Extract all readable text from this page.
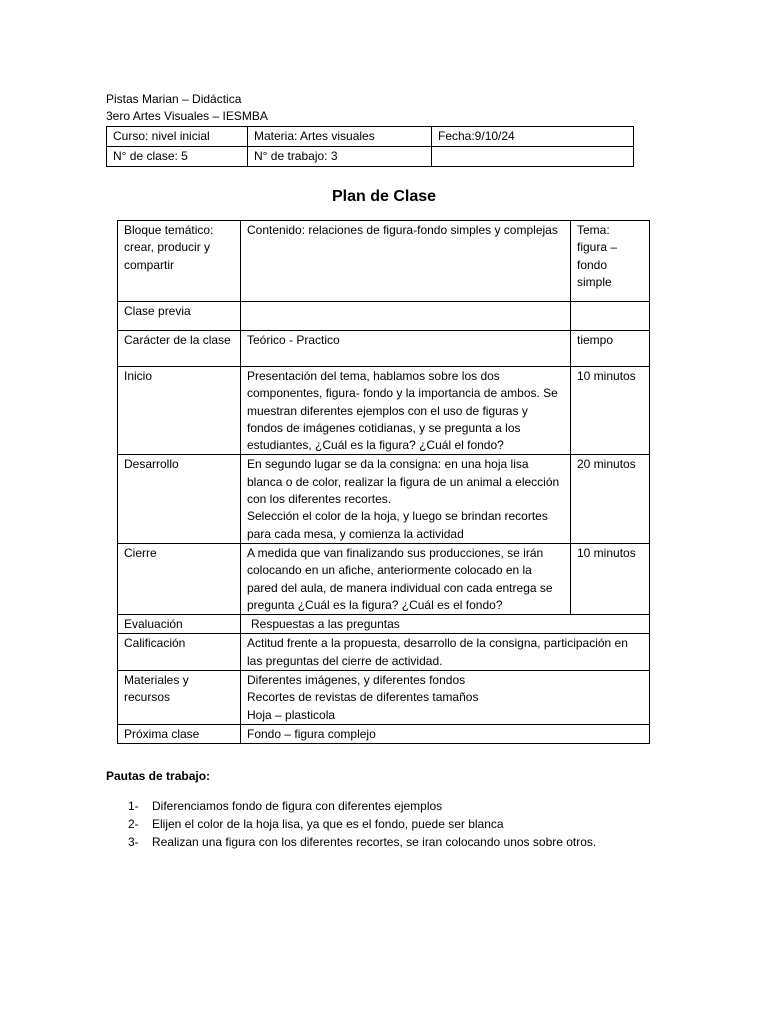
Pistas Marian – Didáctica
3ero Artes Visuales – IESMBA
Curso: nivel inicial	Materia: Artes visuales	Fecha:9/10/24
N° de clase: 5	N° de trabajo: 3	
Plan de Clase
Bloque temático: crear, producir y compartir	Contenido: relaciones de figura-fondo simples y complejas	Tema: figura – fondo simple
Clase previa		
Carácter de la clase	Teórico - Practico	tiempo
Inicio	Presentación del tema, hablamos sobre los dos componentes, figura- fondo y la importancia de ambos. Se muestran diferentes ejemplos con el uso de figuras y fondos de imágenes cotidianas, y se pregunta a los estudiantes, ¿Cuál es la figura? ¿Cuál el fondo?	10 minutos
Desarrollo	En segundo lugar se da la consigna: en una hoja lisa blanca o de color, realizar la figura de un animal a elección con los diferentes recortes.
Selección el color de la hoja, y luego se brindan recortes para cada mesa, y comienza la actividad	20 minutos
Cierre	A medida que van finalizando sus producciones, se irán colocando en un afiche, anteriormente colocado en la pared del aula, de manera individual con cada entrega se pregunta ¿Cuál es la figura? ¿Cuál es el fondo?	10 minutos
Evaluación	Respuestas a las preguntas	
Calificación	Actitud frente a la propuesta, desarrollo de la consigna, participación en las preguntas del cierre de actividad.	
Materiales y recursos	Diferentes imágenes, y diferentes fondos
Recortes de revistas de diferentes tamaños
Hoja – plasticola	
Próxima clase	Fondo – figura complejo	
Pautas de trabajo:
1- Diferenciamos fondo de figura con diferentes ejemplos
2- Elijen el color de la hoja lisa, ya que es el fondo, puede ser blanca
3- Realizan una figura con los diferentes recortes, se iran colocando unos sobre otros.
